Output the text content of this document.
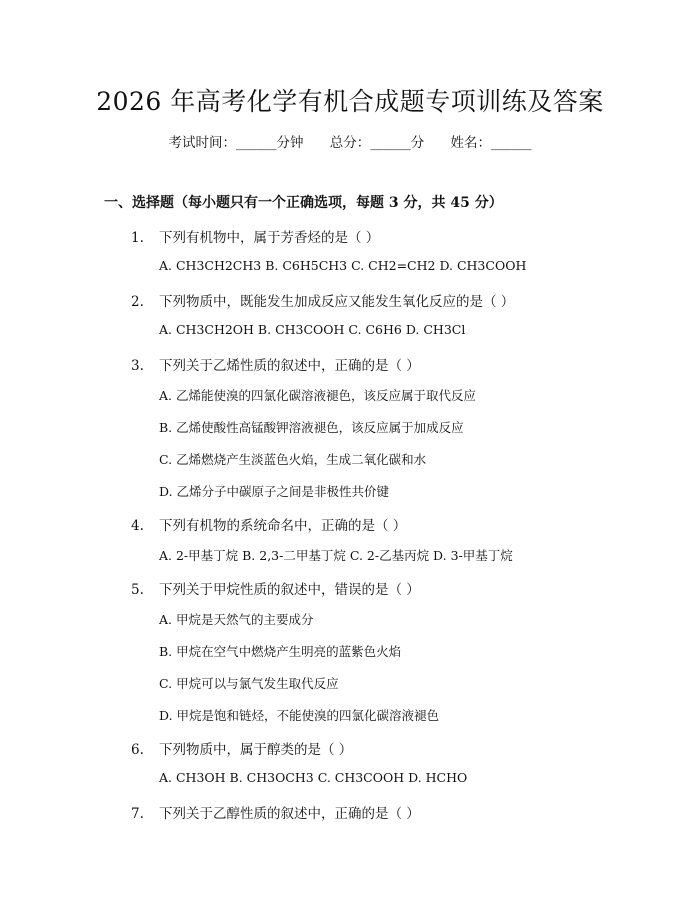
2026 年高考化学有机合成题专项训练及答案
考试时间：______分钟 总分：______分 姓名：______
一、选择题（每小题只有一个正确选项，每题 3 分，共 45 分）
1. 下列有机物中，属于芳香烃的是（ ）
A. CH3CH2CH3 B. C6H5CH3 C. CH2=CH2 D. CH3COOH
2. 下列物质中，既能发生加成反应又能发生氧化反应的是（ ）
A. CH3CH2OH B. CH3COOH C. C6H6 D. CH3Cl
3. 下列关于乙烯性质的叙述中，正确的是（ ）
A. 乙烯能使溴的四氯化碳溶液褪色，该反应属于取代反应
B. 乙烯使酸性高锰酸钾溶液褪色，该反应属于加成反应
C. 乙烯燃烧产生淡蓝色火焰，生成二氧化碳和水
D. 乙烯分子中碳原子之间是非极性共价键
4. 下列有机物的系统命名中，正确的是（ ）
A. 2-甲基丁烷 B. 2,3-二甲基丁烷 C. 2-乙基丙烷 D. 3-甲基丁烷
5. 下列关于甲烷性质的叙述中，错误的是（ ）
A. 甲烷是天然气的主要成分
B. 甲烷在空气中燃烧产生明亮的蓝紫色火焰
C. 甲烷可以与氯气发生取代反应
D. 甲烷是饱和链烃，不能使溴的四氯化碳溶液褪色
6. 下列物质中，属于醇类的是（ ）
A. CH3OH B. CH3OCH3 C. CH3COOH D. HCHO
7. 下列关于乙醇性质的叙述中，正确的是（ ）
